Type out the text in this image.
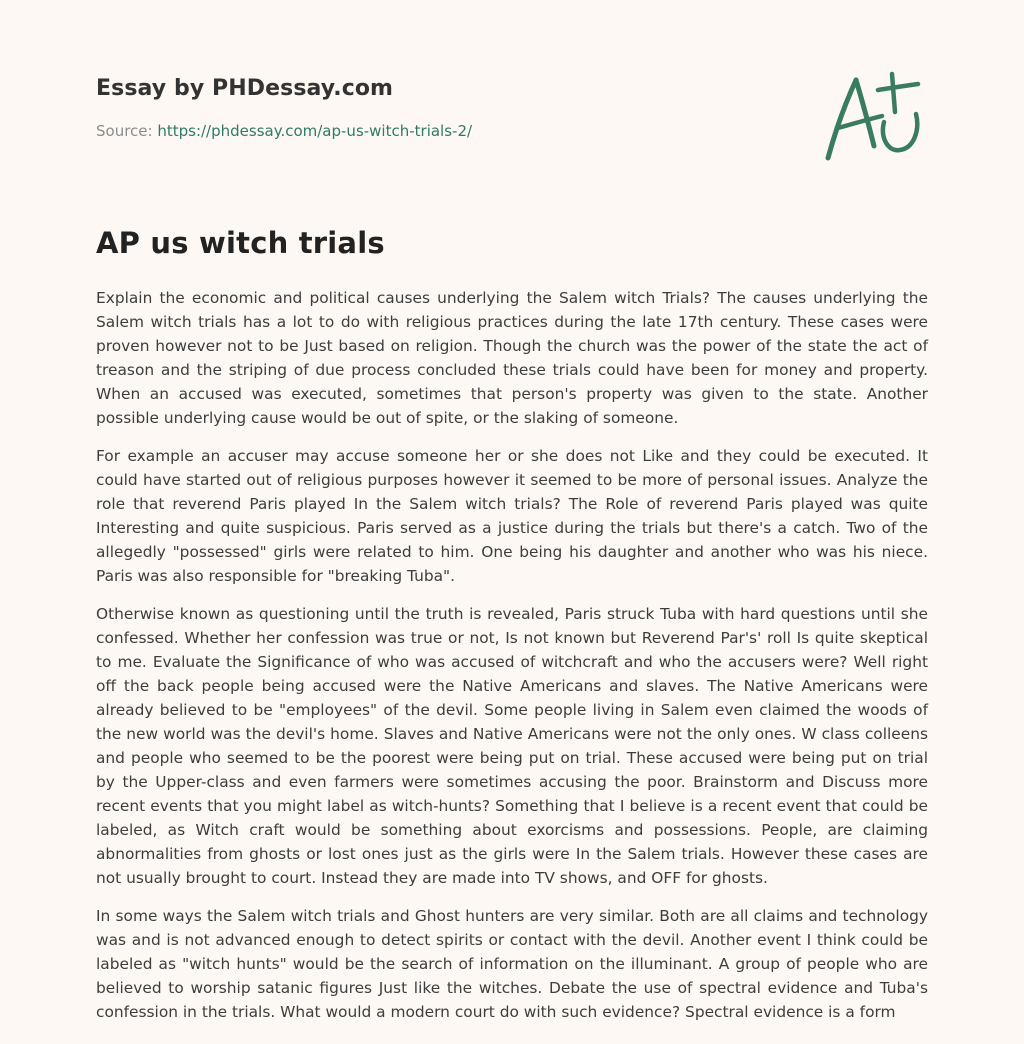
Essay by PHDessay.com
Source: https://phdessay.com/ap-us-witch-trials-2/
AP us witch trials

Explain the economic and political causes underlying the Salem witch Trials? The causes underlying the Salem witch trials has a lot to do with religious practices during the late 17th century. These cases were proven however not to be Just based on religion. Though the church was the power of the state the act of treason and the striping of due process concluded these trials could have been for money and property. When an accused was executed, sometimes that person's property was given to the state. Another possible underlying cause would be out of spite, or the slaking of someone.

For example an accuser may accuse someone her or she does not Like and they could be executed. It could have started out of religious purposes however it seemed to be more of personal issues. Analyze the role that reverend Paris played In the Salem witch trials? The Role of reverend Paris played was quite Interesting and quite suspicious. Paris served as a justice during the trials but there's a catch. Two of the allegedly "possessed" girls were related to him. One being his daughter and another who was his niece. Paris was also responsible for "breaking Tuba".

Otherwise known as questioning until the truth is revealed, Paris struck Tuba with hard questions until she confessed. Whether her confession was true or not, Is not known but Reverend Par's' roll Is quite skeptical to me. Evaluate the Significance of who was accused of witchcraft and who the accusers were? Well right off the back people being accused were the Native Americans and slaves. The Native Americans were already believed to be "employees" of the devil. Some people living in Salem even claimed the woods of the new world was the devil's home. Slaves and Native Americans were not the only ones. W class colleens and people who seemed to be the poorest were being put on trial. These accused were being put on trial by the Upper-class and even farmers were sometimes accusing the poor. Brainstorm and Discuss more recent events that you might label as witch-hunts? Something that I believe is a recent event that could be labeled, as Witch craft would be something about exorcisms and possessions. People, are claiming abnormalities from ghosts or lost ones just as the girls were In the Salem trials. However these cases are not usually brought to court. Instead they are made into TV shows, and OFF for ghosts.

In some ways the Salem witch trials and Ghost hunters are very similar. Both are all claims and technology was and is not advanced enough to detect spirits or contact with the devil. Another event I think could be labeled as "witch hunts" would be the search of information on the illuminant. A group of people who are believed to worship satanic figures Just like the witches. Debate the use of spectral evidence and Tuba's confession in the trials. What would a modern court do with such evidence? Spectral evidence is a form
